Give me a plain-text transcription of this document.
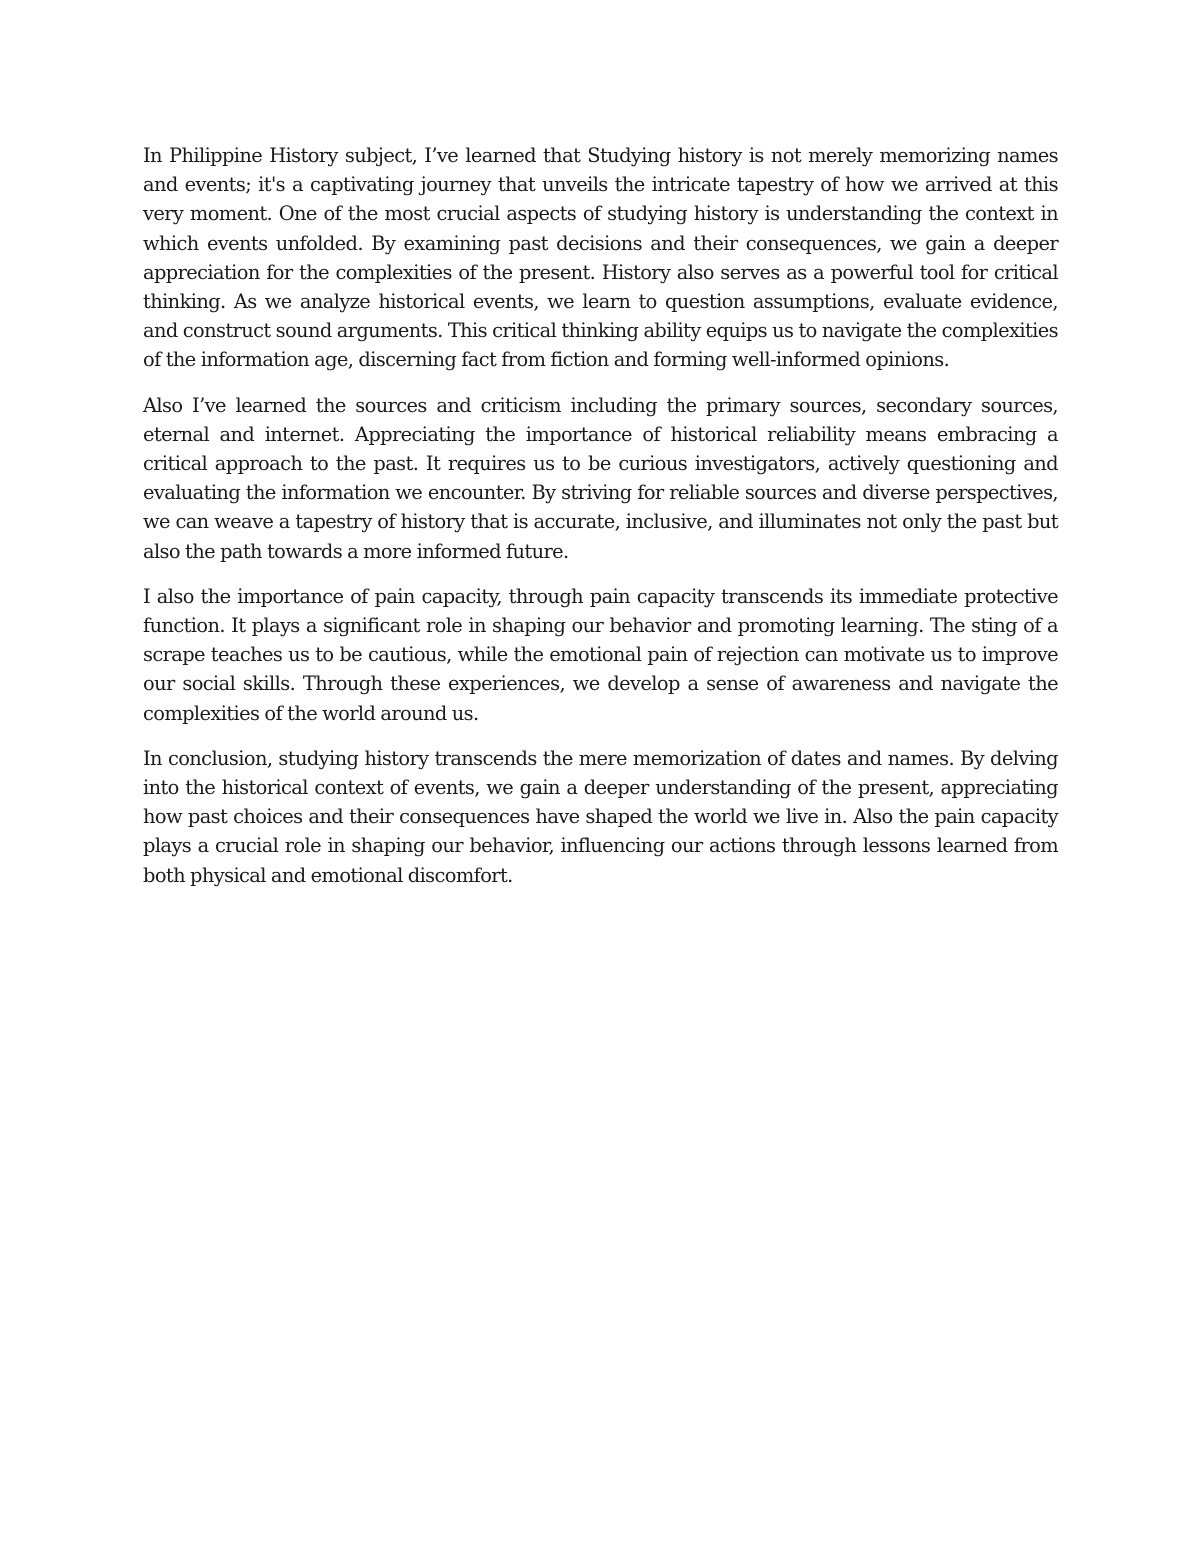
In Philippine History subject, I’ve learned that Studying history is not merely memorizing names and events; it's a captivating journey that unveils the intricate tapestry of how we arrived at this very moment. One of the most crucial aspects of studying history is understanding the context in which events unfolded. By examining past decisions and their consequences, we gain a deeper appreciation for the complexities of the present. History also serves as a powerful tool for critical thinking. As we analyze historical events, we learn to question assumptions, evaluate evidence, and construct sound arguments. This critical thinking ability equips us to navigate the complexities of the information age, discerning fact from fiction and forming well-informed opinions.

Also I’ve learned the sources and criticism including the primary sources, secondary sources, eternal and internet. Appreciating the importance of historical reliability means embracing a critical approach to the past. It requires us to be curious investigators, actively questioning and evaluating the information we encounter. By striving for reliable sources and diverse perspectives, we can weave a tapestry of history that is accurate, inclusive, and illuminates not only the past but also the path towards a more informed future.

I also the importance of pain capacity, through pain capacity transcends its immediate protective function. It plays a significant role in shaping our behavior and promoting learning. The sting of a scrape teaches us to be cautious, while the emotional pain of rejection can motivate us to improve our social skills. Through these experiences, we develop a sense of awareness and navigate the complexities of the world around us.

In conclusion, studying history transcends the mere memorization of dates and names. By delving into the historical context of events, we gain a deeper understanding of the present, appreciating how past choices and their consequences have shaped the world we live in. Also the pain capacity plays a crucial role in shaping our behavior, influencing our actions through lessons learned from both physical and emotional discomfort.
